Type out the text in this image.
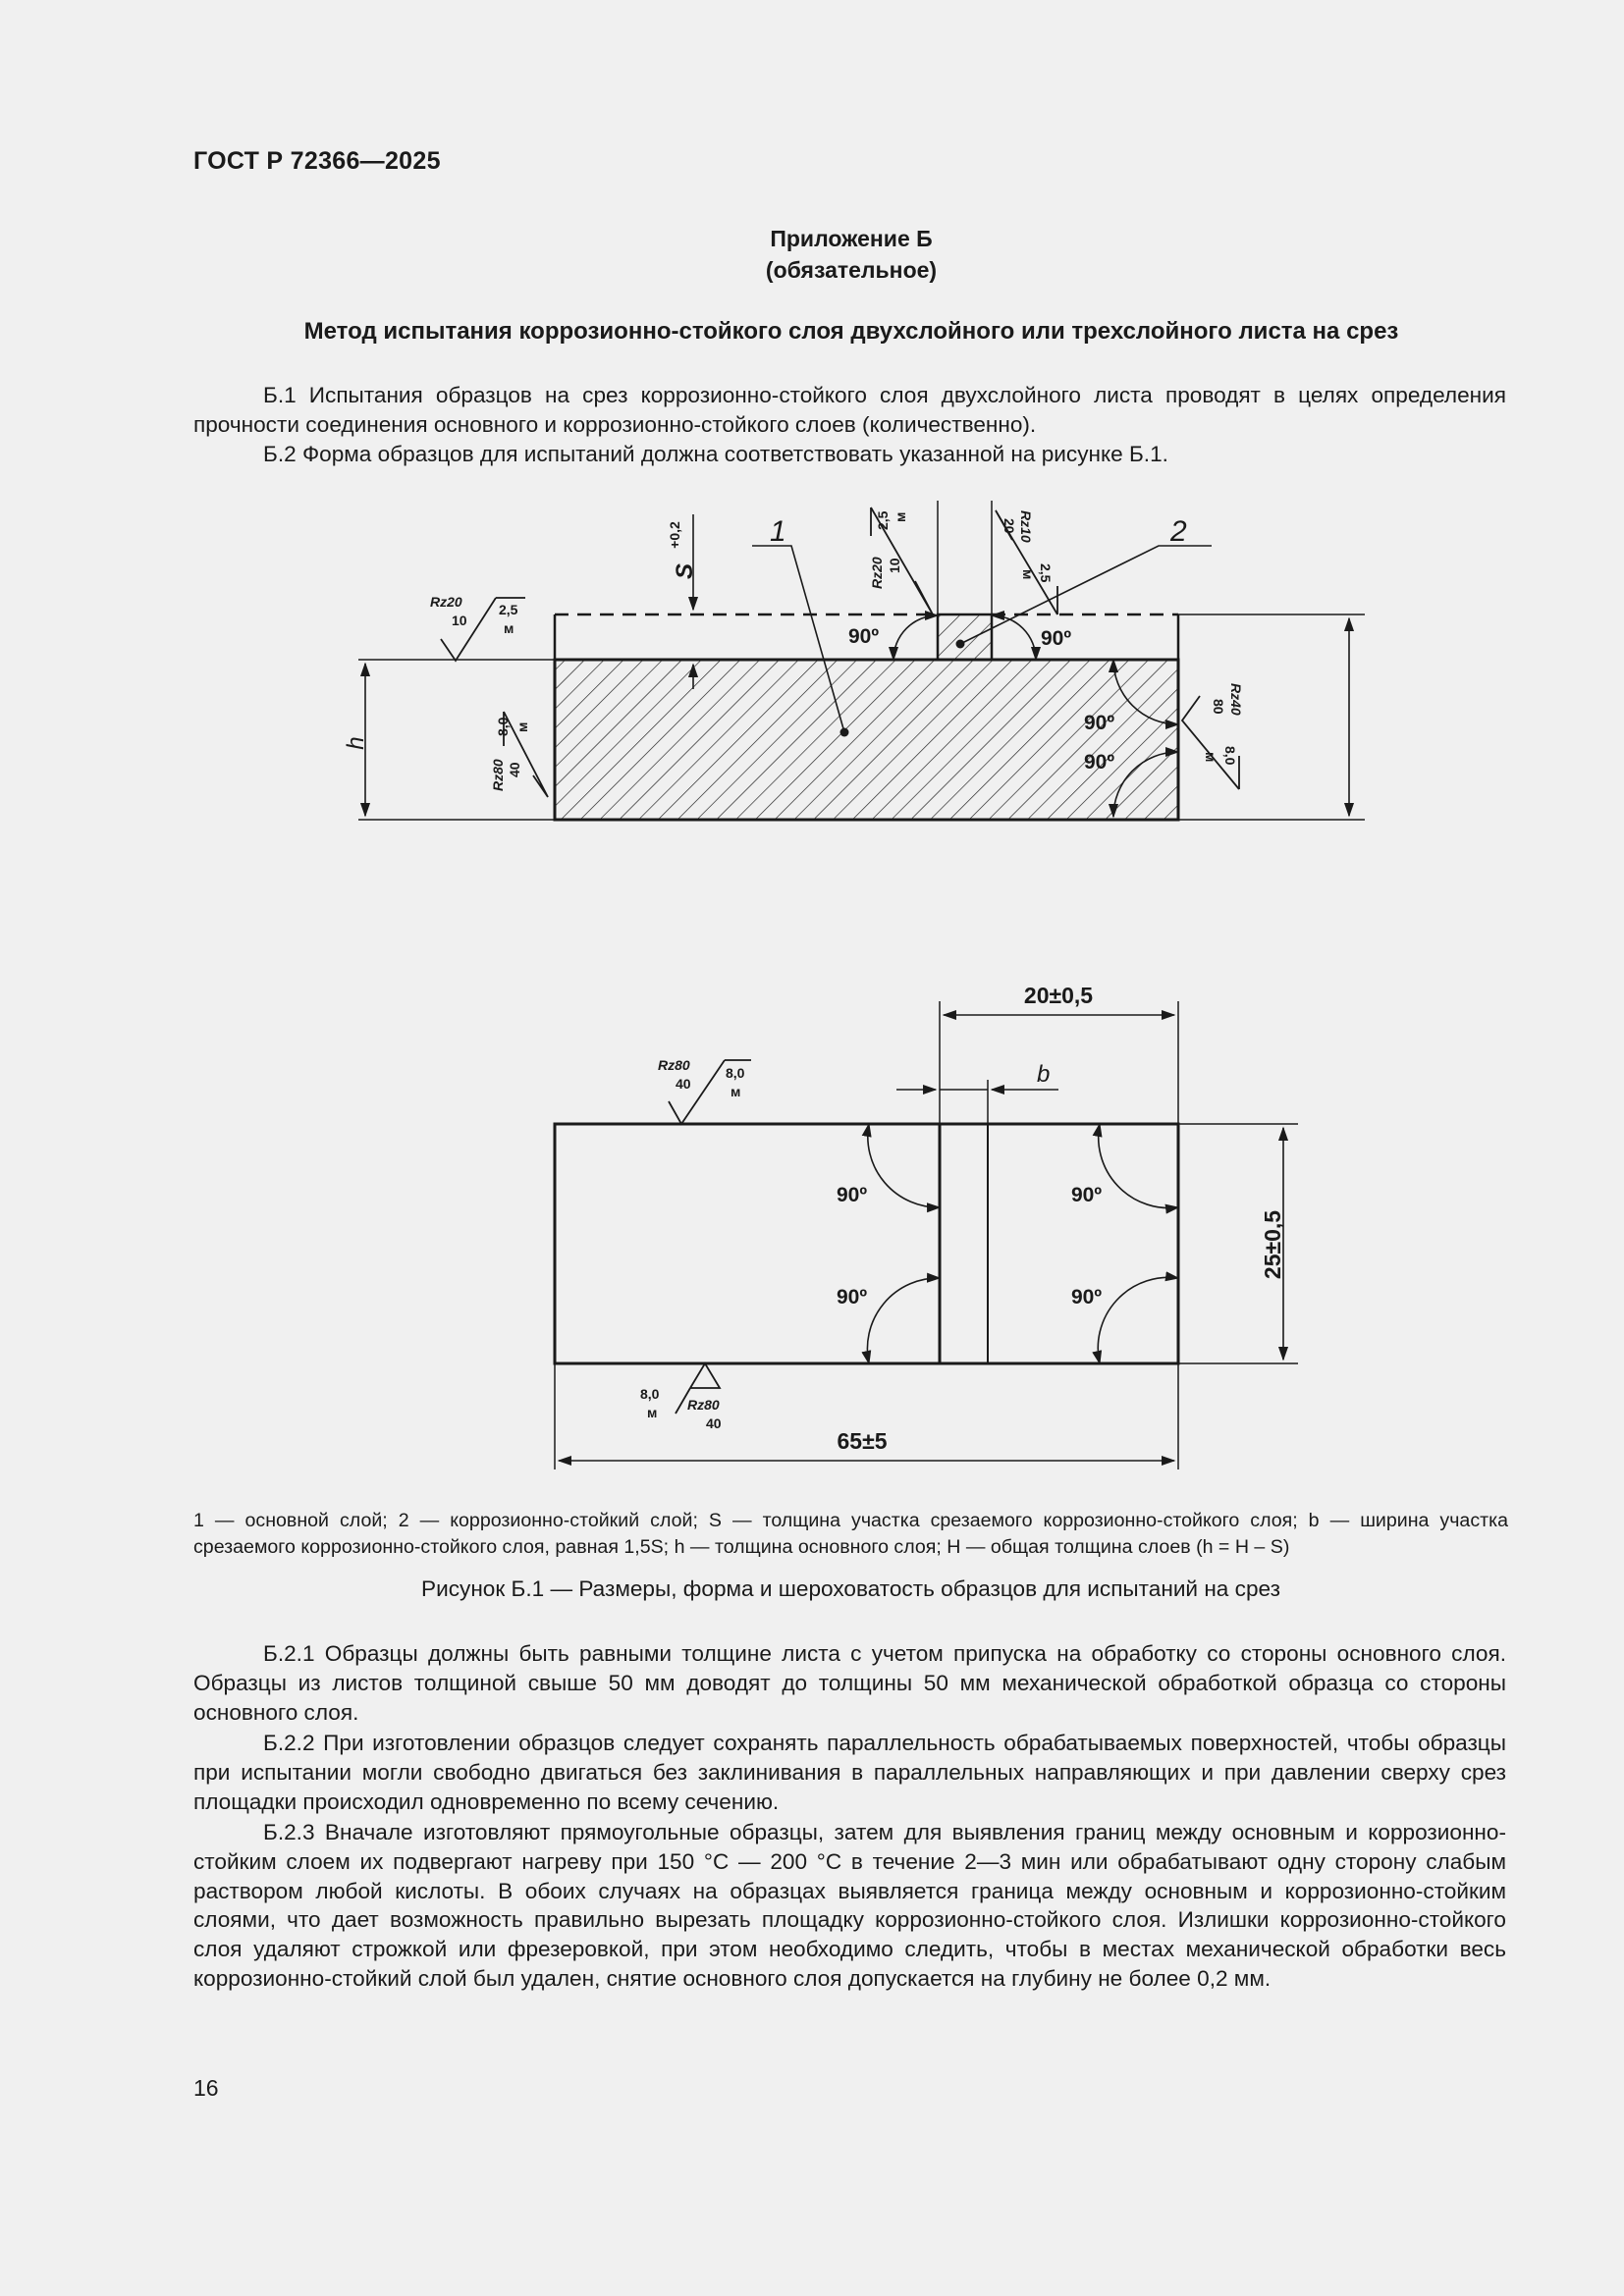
ГОСТ Р 72366—2025
Приложение Б
(обязательное)
Метод испытания коррозионно-стойкого слоя двухслойного или трехслойного листа на срез
Б.1 Испытания образцов на срез коррозионно-стойкого слоя двухслойного листа проводят в целях определения прочности соединения основного и коррозионно-стойкого слоев (количественно).
Б.2 Форма образцов для испытаний должна соответствовать указанной на рисунке Б.1.
1	2
h
S
+0,2
90º	90º
90º
90º
Rz20
10
2,5
м
Rz80 40
8,0 м
Rz20 10
2,5 м	Rz10
20
2,5
м
Rz40
80
8,0
м
20±0,5
b
25±0,5
65±5
90º
90º
90º
90º
Rz80
40
8,0
м
8,0
м Rz80
40
1 — основной слой; 2 — коррозионно-стойкий слой; S — толщина участка срезаемого коррозионно-стойкого слоя; b — ширина участка срезаемого коррозионно-стойкого слоя, равная 1,5S; h — толщина основного слоя; H — общая толщина слоев (h = H – S)
Рисунок Б.1 — Размеры, форма и шероховатость образцов для испытаний на срез
Б.2.1 Образцы должны быть равными толщине листа с учетом припуска на обработку со стороны основного слоя. Образцы из листов толщиной свыше 50 мм доводят до толщины 50 мм механической обработкой образца со стороны основного слоя.
Б.2.2 При изготовлении образцов следует сохранять параллельность обрабатываемых поверхностей, чтобы образцы при испытании могли свободно двигаться без заклинивания в параллельных направляющих и при давлении сверху срез площадки происходил одновременно по всему сечению.
Б.2.3 Вначале изготовляют прямоугольные образцы, затем для выявления границ между основным и коррозионно-стойким слоем их подвергают нагреву при 150 °С — 200 °С в течение 2—3 мин или обрабатывают одну сторону слабым раствором любой кислоты. В обоих случаях на образцах выявляется граница между основным и коррозионно-стойким слоями, что дает возможность правильно вырезать площадку коррозионно-стойкого слоя. Излишки коррозионно-стойкого слоя удаляют строжкой или фрезеровкой, при этом необходимо следить, чтобы в местах механической обработки весь коррозионно-стойкий слой был удален, снятие основного слоя допускается на глубину не более 0,2 мм.
16
